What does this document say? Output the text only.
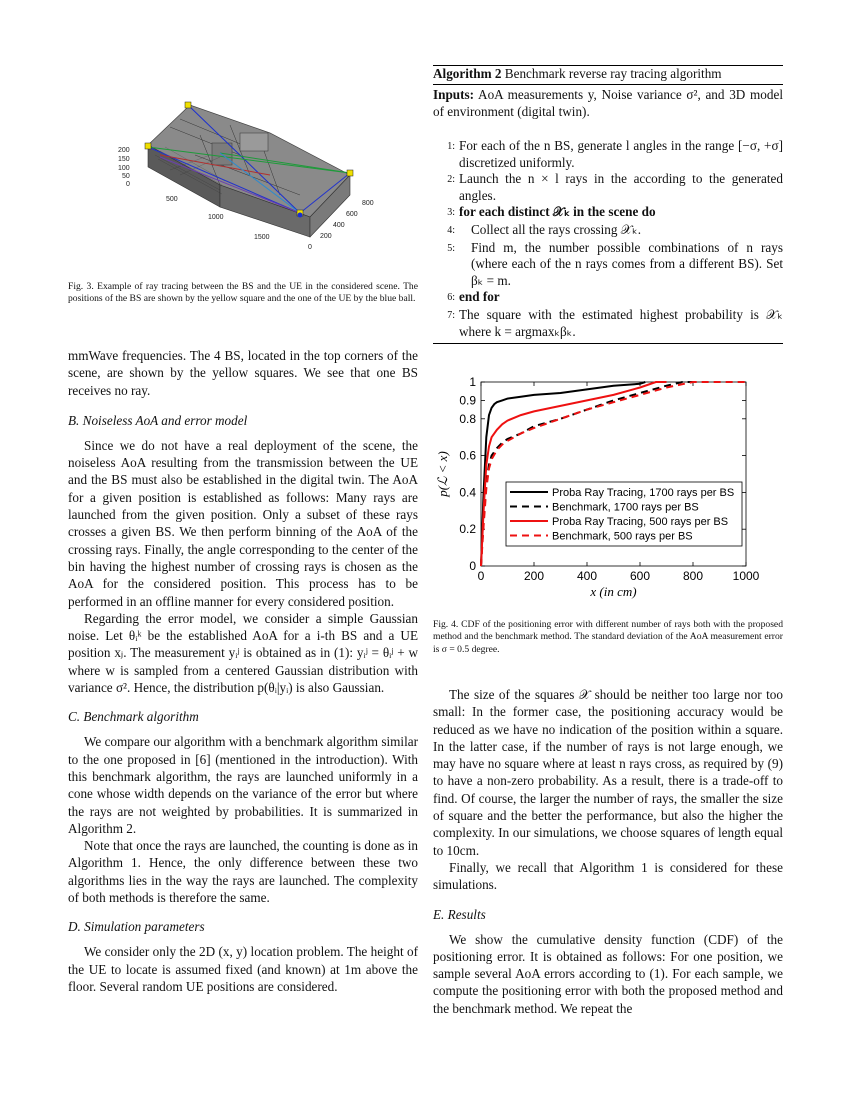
200
150
100
50
0
500
1000
1500
800
600
400
200
0

Fig. 3. Example of ray tracing between the BS and the UE in the considered scene. The positions of the BS are shown by the yellow square and the one of the UE by the blue ball.

mmWave frequencies. The 4 BS, located in the top corners of the scene, are shown by the yellow squares. We see that one BS receives no ray.

B. Noiseless AoA and error model

Since we do not have a real deployment of the scene, the noiseless AoA resulting from the transmission between the UE and the BS must also be established in the digital twin. The AoA for a given position is established as follows: Many rays are launched from the given position. Only a subset of these rays crosses a given BS. We then perform binning of the AoA of the crossing rays. Finally, the angle corresponding to the center of the bin having the highest number of crossing rays is chosen as the AoA for the considered position. This process has to be performed in an offline manner for every considered position.

Regarding the error model, we consider a simple Gaussian noise. Let θᵢᵏ be the established AoA for a i-th BS and a UE position xⱼ. The measurement yᵢʲ is obtained as in (1): yᵢʲ = θᵢʲ + w where w is sampled from a centered Gaussian distribution with variance σ². Hence, the distribution p(θᵢ|yᵢ) is also Gaussian.

C. Benchmark algorithm

We compare our algorithm with a benchmark algorithm similar to the one proposed in [6] (mentioned in the introduction). With this benchmark algorithm, the rays are launched uniformly in a cone whose width depends on the variance of the error but where the rays are not weighted by probabilities. It is summarized in Algorithm 2.

Note that once the rays are launched, the counting is done as in Algorithm 1. Hence, the only difference between these two algorithms lies in the way the rays are launched. The complexity of both methods is therefore the same.

D. Simulation parameters

We consider only the 2D (x, y) location problem. The height of the UE to locate is assumed fixed (and known) at 1m above the floor. Several random UE positions are considered.

Algorithm 2 Benchmark reverse ray tracing algorithm
Inputs: AoA measurements y, Noise variance σ², and 3D model of environment (digital twin).
1: For each of the n BS, generate l angles in the range [−σ, +σ] discretized uniformly.
2: Launch the n × l rays in the according to the generated angles.
3: for each distinct 𝒳ₖ in the scene do
4:	Collect all the rays crossing 𝒳ₖ.
5:	Find m, the number possible combinations of n rays (where each of the n rays comes from a different BS). Set βₖ = m.
6: end for
7: The square with the estimated highest probability is 𝒳ₖ where k = argmaxₖβₖ.
0	200	400	600	800 1000
0
0.2
0.4
0.6
0.8
0.9
1
x (in cm)
p(ℒ < x)	Proba Ray Tracing, 1700 rays per BS
Benchmark, 1700 rays per BS
Proba Ray Tracing, 500 rays per BS
Benchmark, 500 rays per BS

Fig. 4. CDF of the positioning error with different number of rays both with the proposed method and the benchmark method. The standard deviation of the AoA measurement error is σ = 0.5 degree.

The size of the squares 𝒳 should be neither too large nor too small: In the former case, the positioning accuracy would be reduced as we have no indication of the position within a square. In the latter case, if the number of rays is not large enough, we may have no square where at least n rays cross, as required by (9) to have a non-zero probability. As a result, there is a trade-off to find. Of course, the larger the number of rays, the smaller the size of square and the better the performance, but also the higher the complexity. In our simulations, we choose squares of length equal to 10cm.

Finally, we recall that Algorithm 1 is considered for these simulations.

E. Results

We show the cumulative density function (CDF) of the positioning error. It is obtained as follows: For one position, we sample several AoA errors according to (1). For each sample, we compute the positioning error with both the proposed method and the benchmark method. We repeat the
